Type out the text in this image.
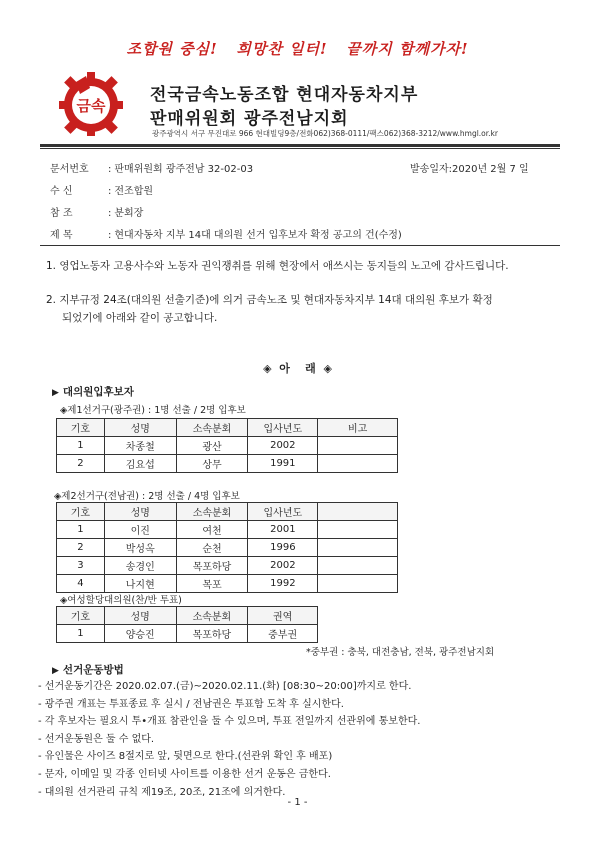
조합원 중심!   희망찬 일터!   끝까지 함께가자!
금속
전국금속노동조합 현대자동차지부
판매위원회 광주전남지회
광주광역시 서구 무진대로 966 현대빌딩9층/전화062)368-0111/팩스062)368-3212/www.hmgl.or.kr
문서번호 : 판매위원회 광주전남 32-02-03	발송일자:2020년 2월 7 일
수 신	: 전조합원
참 조	: 분회장
제 목	: 현대자동차 지부 14대 대의원 선거 입후보자 확정 공고의 건(수정)
1. 영업노동자 고용사수와 노동자 권익쟁취를 위해 현장에서 애쓰시는 동지들의 노고에 감사드립니다.
2. 지부규정 24조(대의원 선출기준)에 의거 금속노조 및 현대자동차지부 14대 대의원 후보가 확정
되었기에 아래와 같이 공고합니다.
◈  아    래  ◈
▶ 대의원입후보자
◈제1선거구(광주권) : 1명 선출 / 2명 입후보
기호	성명	소속분회	입사년도	비고
1	차종철	광산	2002	
2	김요섭	상무	1991	
◈제2선거구(전남권) : 2명 선출 / 4명 입후보
기호	성명	소속분회	입사년도	
1	이진	여천	2001	
2	박성옥	순천	1996	
3	송경인	목포하당	2002	
4	나지현	목포	1992	
◈여성할당대의원(찬/반 투표)
기호	성명	소속분회	권역
1	양승진	목포하당	중부권
*중부권 : 충북, 대전충남, 전북, 광주전남지회
▶ 선거운동방법
- 선거운동기간은 2020.02.07.(금)~2020.02.11.(화) [08:30~20:00]까지로 한다.
- 광주권 개표는 투표종료 후 실시 / 전남권은 투표함 도착 후 실시한다.
- 각 후보자는 필요시 투•개표 참관인을 둘 수 있으며, 투표 전일까지 선관위에 통보한다.
- 선거운동원은 둘 수 없다.
- 유인물은 사이즈 8절지로 앞, 뒷면으로 한다.(선관위 확인 후 배포)
- 문자, 이메일 및 각종 인터넷 사이트를 이용한 선거 운동은 금한다.
- 대의원 선거관리 규칙 제19조, 20조, 21조에 의거한다.
- 1 -
